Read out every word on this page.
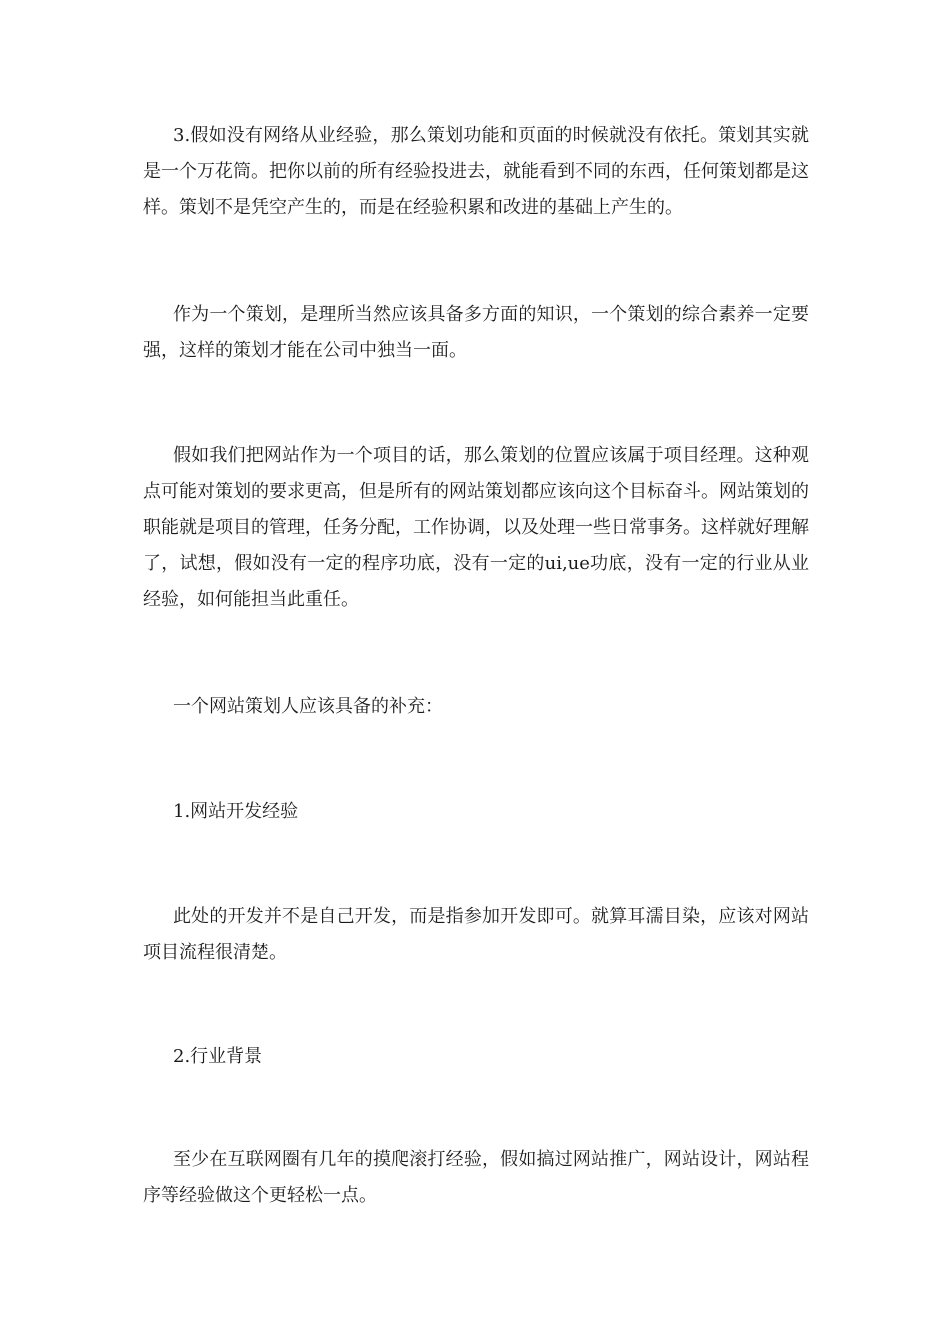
3.假如没有网络从业经验，那么策划功能和页面的时候就没有依托。策划其实就是一个万花筒。把你以前的所有经验投进去，就能看到不同的东西，任何策划都是这样。策划不是凭空产生的，而是在经验积累和改进的基础上产生的。

作为一个策划，是理所当然应该具备多方面的知识，一个策划的综合素养一定要强，这样的策划才能在公司中独当一面。

假如我们把网站作为一个项目的话，那么策划的位置应该属于项目经理。这种观点可能对策划的要求更高，但是所有的网站策划都应该向这个目标奋斗。网站策划的职能就是项目的管理，任务分配，工作协调，以及处理一些日常事务。这样就好理解了，试想，假如没有一定的程序功底，没有一定的ui,ue功底，没有一定的行业从业经验，如何能担当此重任。

一个网站策划人应该具备的补充：

1.网站开发经验

此处的开发并不是自己开发，而是指参加开发即可。就算耳濡目染，应该对网站项目流程很清楚。

2.行业背景

至少在互联网圈有几年的摸爬滚打经验，假如搞过网站推广，网站设计，网站程序等经验做这个更轻松一点。
